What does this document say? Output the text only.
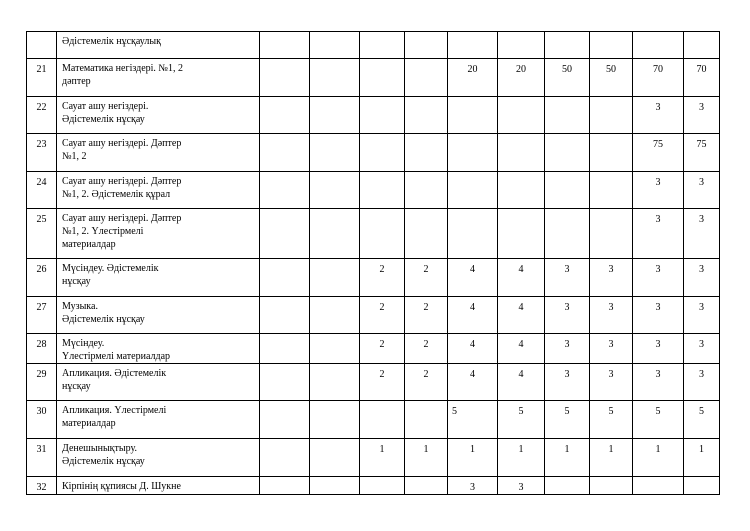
	Әдістемелік нұсқаулық										

21	Математика негіздері. №1, 2
дәптер					20	20	50	50	70	70
22	Сауат ашу негіздері.
Әдістемелік нұсқау									3	3
23	Сауат ашу негіздері. Дәптер
№1, 2									75	75
24	Сауат ашу негіздері. Дәптер
№1, 2. Әдістемелік құрал									3	3
25	Сауат ашу негіздері. Дәптер
№1, 2. Үлестірмелі
материалдар									3	3
26	Мүсіндеу. Әдістемелік
нұсқау			2	2	4	4	3	3	3	3
27	Музыка.
Әдістемелік нұсқау			2	2	4	4	3	3	3	3
28	Мүсіндеу.
Үлестірмелі материалдар			2	2	4	4	3	3	3	3
29	Апликация. Әдістемелік
нұсқау			2	2	4	4	3	3	3	3
30	Апликация. Үлестірмелі
материалдар					5	5	5	5	5	5
31	Денешынықтыру.
Әдістемелік нұсқау			1	1	1	1	1	1	1	1
32	Кірпінің құпиясы Д. Шукне					3	3				
